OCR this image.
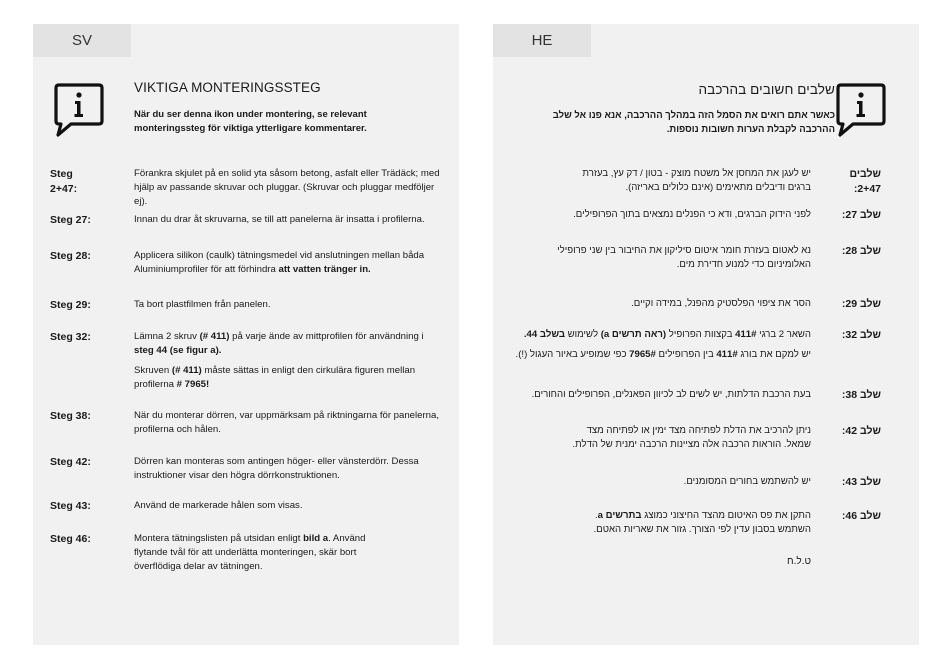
SV
VIKTIGA MONTERINGSSTEG
När du ser denna ikon under montering, se relevant monteringssteg för viktiga ytterligare kommentarer.
Steg 2+47:

Förankra skjulet på en solid yta såsom betong, asfalt eller Trädäck; med hjälp av passande skruvar och pluggar. (Skruvar och pluggar medföljer ej).

Steg 27:	Innan du drar åt skruvarna, se till att panelerna är insatta i profilerna.

Steg 28:	Applicera silikon (caulk) tätningsmedel vid anslutningen mellan båda Aluminiumprofiler för att förhindra att vatten tränger in.

Steg 29:	Ta bort plastfilmen från panelen.

Steg 32:	Lämna 2 skruv (# 411) på varje ände av mittprofilen för användning i steg 44 (se figur a).

Skruven (# 411) måste sättas in enligt den cirkulära figuren mellan profilerna # 7965!

Steg 38:	När du monterar dörren, var uppmärksam på riktningarna för panelerna, profilerna och hålen.

Steg 42:	Dörren kan monteras som antingen höger- eller vänsterdörr. Dessa instruktioner visar den högra dörrkonstruktionen.

Steg 43:	Använd de markerade hålen som visas.

Steg 46:	Montera tätningslisten på utsidan enligt bild a. Använd flytande tvål för att underlätta monteringen, skär bort överflödiga delar av tätningen.

HE
שלבים חשובים בהרכבה
כאשר אתם רואים את הסמל הזה במהלך ההרכבה, אנא פנו אל שלב ההרכבה לקבלת הערות חשובות נוספות.
שלבים 2+47:

יש לעגן את המחסן אל משטח מוצק - בטון / דק עץ, בעזרת ברגים ודיבלים מתאימים (אינם כלולים באריזה).

שלב 27:

לפני הידוק הברגים, ודא כי הפנלים נמצאים בתוך הפרופילים.

שלב 28:

נא לאטום בעזרת חומר איטום סיליקון את החיבור בין שני פרופילי האלומיניום כדי למנוע חדירת מים.

שלב 29:

הסר את ציפוי הפלסטיק מהפנל, במידה וקיים.

שלב 32:

השאר 2 ברגי 411# בקצוות הפרופיל (ראה תרשים a) לשימוש בשלב 44.

יש למקם את בורג 411# בין הפרופילים 7965# כפי שמופיע באיור העגול (!).

שלב 38:

בעת הרכבת הדלתות, יש לשים לב לכיוון הפאנלים, הפרופילים והחורים.

שלב 42:

ניתן להרכיב את הדלת לפתיחה מצד ימין או לפתיחה מצד שמאל. הוראות הרכבה אלה מציינות הרכבה ימנית של הדלת.

שלב 43:

יש להשתמש בחורים המסומנים.

שלב 46:

התקן את פס האיטום מהצד החיצוני כמוצג בתרשים a. השתמש בסבון עדין לפי הצורך. גזור את שאריות האטם.

ט.ל.ח
